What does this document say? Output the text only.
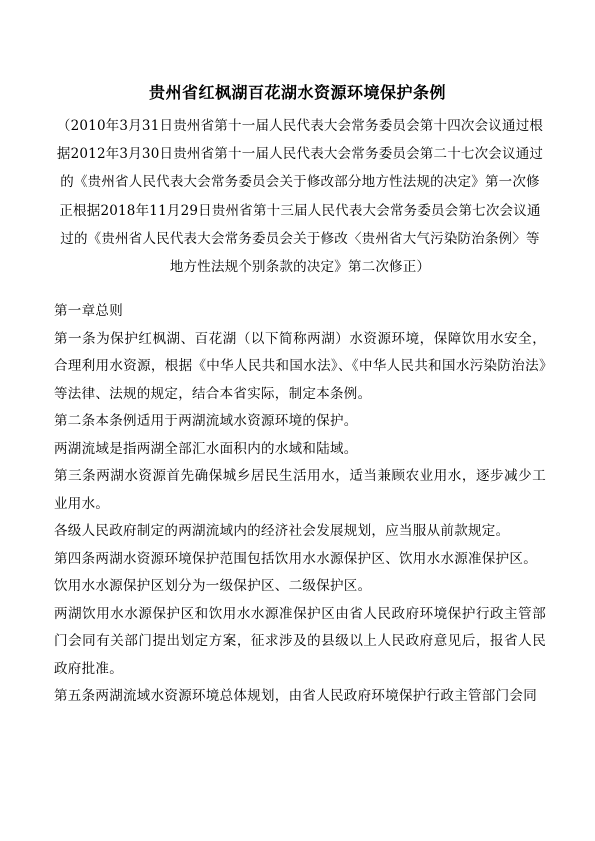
贵州省红枫湖百花湖水资源环境保护条例
（2010年3月31日贵州省第十一届人民代表大会常务委员会第十四次会议通过根据2012年3月30日贵州省第十一届人民代表大会常务委员会第二十七次会议通过的《贵州省人民代表大会常务委员会关于修改部分地方性法规的决定》第一次修正根据2018年11月29日贵州省第十三届人民代表大会常务委员会第七次会议通过的《贵州省人民代表大会常务委员会关于修改〈贵州省大气污染防治条例〉等地方性法规个别条款的决定》第二次修正）

第一章总则

第一条为保护红枫湖、百花湖（以下简称两湖）水资源环境，保障饮用水安全，合理利用水资源，根据《中华人民共和国水法》、《中华人民共和国水污染防治法》等法律、法规的规定，结合本省实际，制定本条例。

第二条本条例适用于两湖流域水资源环境的保护。

两湖流域是指两湖全部汇水面积内的水域和陆域。

第三条两湖水资源首先确保城乡居民生活用水，适当兼顾农业用水，逐步减少工业用水。

各级人民政府制定的两湖流域内的经济社会发展规划，应当服从前款规定。

第四条两湖水资源环境保护范围包括饮用水水源保护区、饮用水水源准保护区。

饮用水水源保护区划分为一级保护区、二级保护区。

两湖饮用水水源保护区和饮用水水源准保护区由省人民政府环境保护行政主管部门会同有关部门提出划定方案，征求涉及的县级以上人民政府意见后，报省人民政府批准。

第五条两湖流域水资源环境总体规划，由省人民政府环境保护行政主管部门会同
